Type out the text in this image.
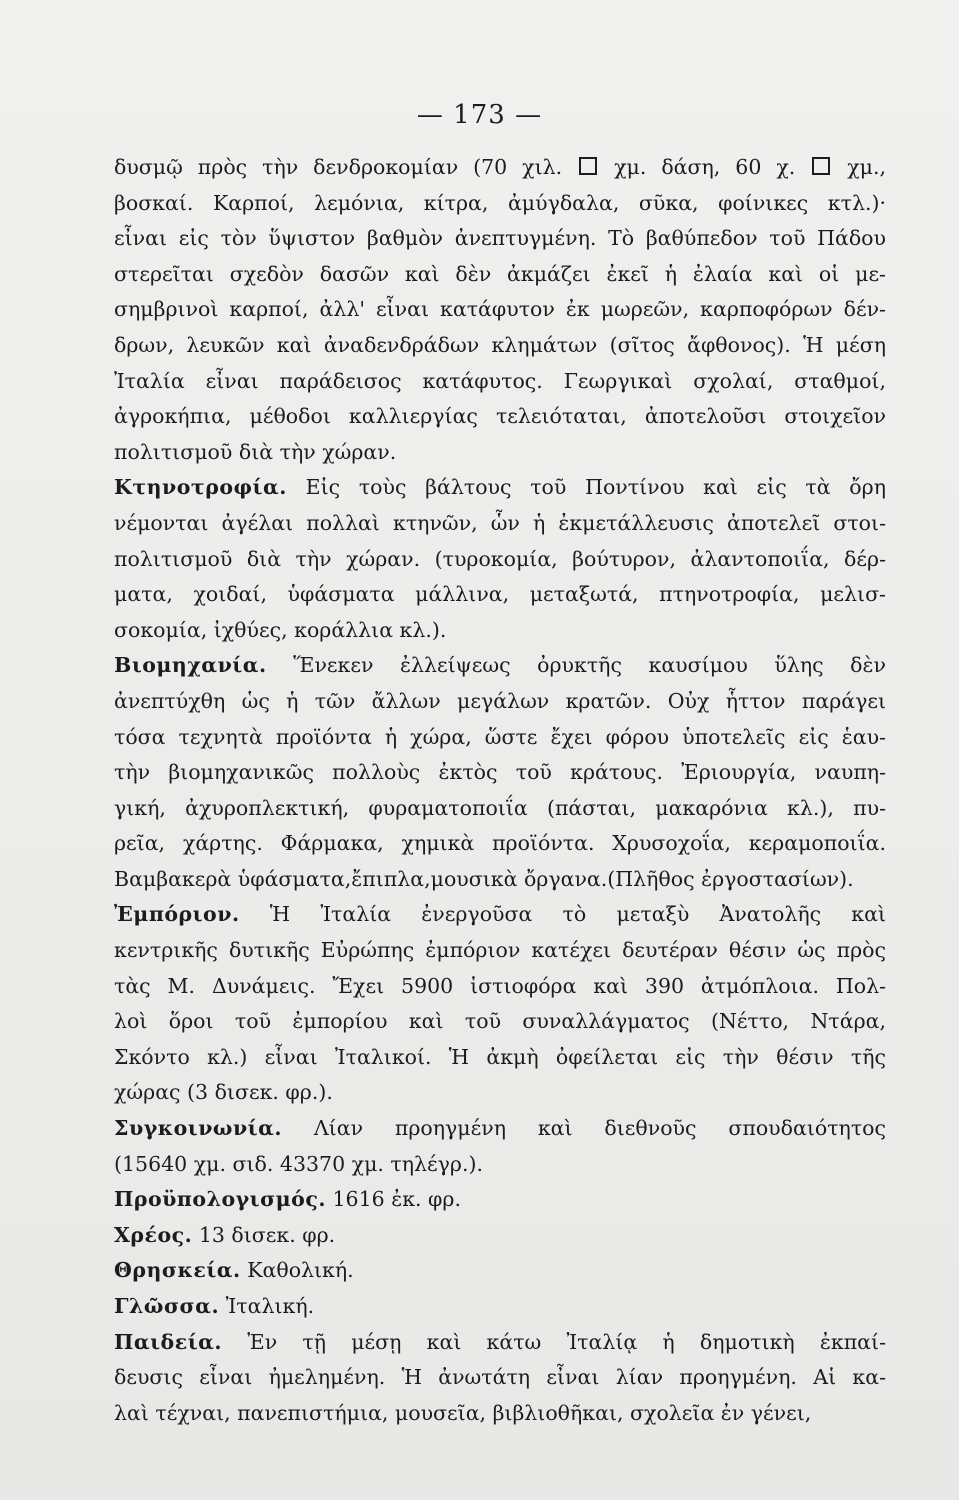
— 173 —
δυσμῷ πρὸς τὴν δενδροκομίαν (70 χιλ.  χμ. δάση, 60 χ.  χμ.,
βοσκαί. Καρποί, λεμόνια, κίτρα, ἀμύγδαλα, σῦκα, φοίνικες κτλ.)·
εἶναι εἰς τὸν ὕψιστον βαθμὸν ἀνεπτυγμένη. Τὸ βαθύπεδον τοῦ Πάδου
στερεῖται σχεδὸν δασῶν καὶ δὲν ἀκμάζει ἐκεῖ ἡ ἐλαία καὶ οἱ με-
σημβρινοὶ καρποί, ἀλλ' εἶναι κατάφυτον ἐκ μωρεῶν, καρποφόρων δέν-
δρων, λευκῶν καὶ ἀναδενδράδων κλημάτων (σῖτος ἄφθονος). Ἡ μέση
Ἰταλία εἶναι παράδεισος κατάφυτος. Γεωργικαὶ σχολαί, σταθμοί,
ἀγροκήπια, μέθοδοι καλλιεργίας τελειόταται, ἀποτελοῦσι στοιχεῖον
πολιτισμοῦ διὰ τὴν χώραν.
Κτηνοτροφία. Εἰς τοὺς βάλτους τοῦ Ποντίνου καὶ εἰς τὰ ὄρη
νέμονται ἀγέλαι πολλαὶ κτηνῶν, ὧν ἡ ἐκμετάλλευσις ἀποτελεῖ στοι-
πολιτισμοῦ διὰ τὴν χώραν. (τυροκομία, βούτυρον, ἀλαντοποιΐα, δέρ-
ματα, χοιδαί, ὑφάσματα μάλλινα, μεταξωτά, πτηνοτροφία, μελισ-
σοκομία, ἰχθύες, κοράλλια κλ.).
Βιομηχανία. Ἕνεκεν ἐλλείψεως ὀρυκτῆς καυσίμου ὕλης δὲν
ἀνεπτύχθη ὡς ἡ τῶν ἄλλων μεγάλων κρατῶν. Οὐχ ἧττον παράγει
τόσα τεχνητὰ προϊόντα ἡ χώρα, ὥστε ἔχει φόρου ὑποτελεῖς εἰς ἑαυ-
τὴν βιομηχανικῶς πολλοὺς ἐκτὸς τοῦ κράτους. Ἐριουργία, ναυπη-
γική, ἀχυροπλεκτική, φυραματοποιΐα (πάσται, μακαρόνια κλ.), πυ-
ρεῖα, χάρτης. Φάρμακα, χημικὰ προϊόντα. Χρυσοχοΐα, κεραμοποιΐα.
Βαμβακερὰ ὑφάσματα,ἔπιπλα,μουσικὰ ὄργανα.(Πλῆθος ἐργοστασίων).
Ἐμπόριον. Ἡ Ἰταλία ἐνεργοῦσα τὸ μεταξὺ Ἀνατολῆς καὶ
κεντρικῆς δυτικῆς Εὐρώπης ἐμπόριον κατέχει δευτέραν θέσιν ὡς πρὸς
τὰς Μ. Δυνάμεις. Ἔχει 5900 ἱστιοφόρα καὶ 390 ἀτμόπλοια. Πολ-
λοὶ ὅροι τοῦ ἐμπορίου καὶ τοῦ συναλλάγματος (Νέττο, Ντάρα,
Σκόντο κλ.) εἶναι Ἰταλικοί. Ἡ ἀκμὴ ὀφείλεται εἰς τὴν θέσιν τῆς
χώρας (3 δισεκ. φρ.).
Συγκοινωνία. Λίαν προηγμένη καὶ διεθνοῦς σπουδαιότητος
(15640 χμ. σιδ. 43370 χμ. τηλέγρ.).
Προϋπολογισμός. 1616 ἐκ. φρ.
Χρέος. 13 δισεκ. φρ.
Θρησκεία. Καθολική.
Γλῶσσα. Ἰταλική.
Παιδεία. Ἐν τῇ μέσῃ καὶ κάτω Ἰταλίᾳ ἡ δημοτικὴ ἐκπαί-
δευσις εἶναι ἠμελημένη. Ἡ ἀνωτάτη εἶναι λίαν προηγμένη. Αἱ κα-
λαὶ τέχναι, πανεπιστήμια, μουσεῖα, βιβλιοθῆκαι, σχολεῖα ἐν γένει,
